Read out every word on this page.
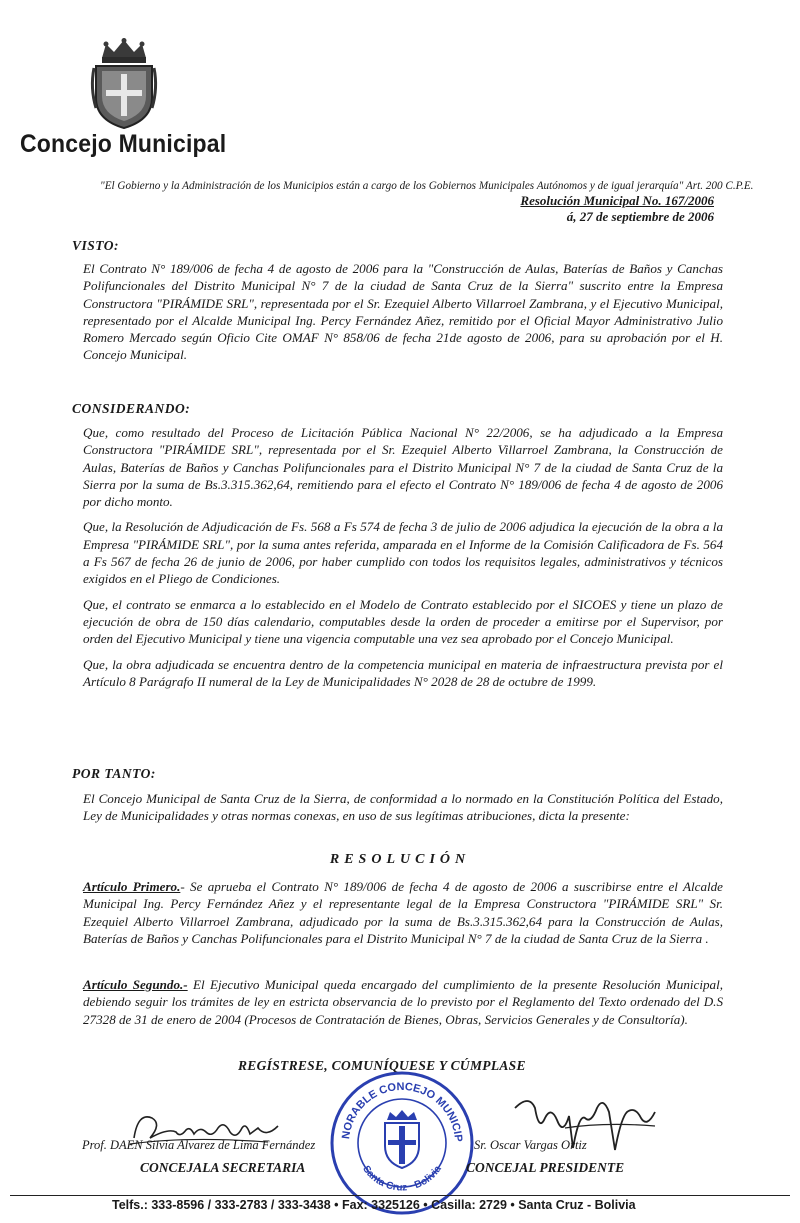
Concejo Municipal
"El Gobierno y la Administración de los Municipios están a cargo de los Gobiernos Municipales Autónomos y de igual jerarquía" Art. 200 C.P.E.
Resolución Municipal No. 167/2006
á, 27 de septiembre de 2006
VISTO:
El Contrato N° 189/006 de fecha 4 de agosto de 2006 para la "Construcción de Aulas, Baterías de Baños y Canchas Polifuncionales del Distrito Municipal N° 7 de la ciudad de Santa Cruz de la Sierra" suscrito entre la Empresa Constructora "PIRÁMIDE SRL", representada por el Sr. Ezequiel Alberto Villarroel Zambrana, y el Ejecutivo Municipal, representado por el Alcalde Municipal Ing. Percy Fernández Añez, remitido por el Oficial Mayor Administrativo Julio Romero Mercado según Oficio Cite OMAF N° 858/06 de fecha 21de agosto de 2006, para su aprobación por el H. Concejo Municipal.
CONSIDERANDO:

Que, como resultado del Proceso de Licitación Pública Nacional N° 22/2006, se ha adjudicado a la Empresa Constructora "PIRÁMIDE SRL", representada por el Sr. Ezequiel Alberto Villarroel Zambrana, la Construcción de Aulas, Baterías de Baños y Canchas Polifuncionales para el Distrito Municipal N° 7 de la ciudad de Santa Cruz de la Sierra por la suma de Bs.3.315.362,64, remitiendo para el efecto el Contrato N° 189/006 de fecha 4 de agosto de 2006 por dicho monto.

Que, la Resolución de Adjudicación de Fs. 568 a Fs 574 de fecha 3 de julio de 2006 adjudica la ejecución de la obra a la Empresa "PIRÁMIDE SRL", por la suma antes referida, amparada en el Informe de la Comisión Calificadora de Fs. 564 a Fs 567 de fecha 26 de junio de 2006, por haber cumplido con todos los requisitos legales, administrativos y técnicos exigidos en el Pliego de Condiciones.

Que, el contrato se enmarca a lo establecido en el Modelo de Contrato establecido por el SICOES y tiene un plazo de ejecución de obra de 150 días calendario, computables desde la orden de proceder a emitirse por el Supervisor, por orden del Ejecutivo Municipal y tiene una vigencia computable una vez sea aprobado por el Concejo Municipal.

Que, la obra adjudicada se encuentra dentro de la competencia municipal en materia de infraestructura prevista por el Artículo 8 Parágrafo II numeral de la Ley de Municipalidades N° 2028 de 28 de octubre de 1999.

POR TANTO:
El Concejo Municipal de Santa Cruz de la Sierra, de conformidad a lo normado en la Constitución Política del Estado, Ley de Municipalidades y otras normas conexas, en uso de sus legítimas atribuciones, dicta la presente:
RESOLUCIÓN
Artículo Primero.- Se aprueba el Contrato N° 189/006 de fecha 4 de agosto de 2006 a suscribirse entre el Alcalde Municipal Ing. Percy Fernández Añez y el representante legal de la Empresa Constructora "PIRÁMIDE SRL" Sr. Ezequiel Alberto Villarroel Zambrana, adjudicado por la suma de Bs.3.315.362,64 para la Construcción de Aulas, Baterías de Baños y Canchas Polifuncionales para el Distrito Municipal N° 7 de la ciudad de Santa Cruz de la Sierra .
Artículo Segundo.- El Ejecutivo Municipal queda encargado del cumplimiento de la presente Resolución Municipal, debiendo seguir los trámites de ley en estricta observancia de lo previsto por el Reglamento del Texto ordenado del D.S 27328 de 31 de enero de 2004 (Procesos de Contratación de Bienes, Obras, Servicios Generales y de Consultoría).
REGÍSTRESE, COMUNÍQUESE Y CÚMPLASE
NORABLE CONCEJO MUNICIP
Santa Cruz · Bolivia
Prof. DAEN Silvia Alvarez de Lima Fernández
CONCEJALA SECRETARIA
Sr. Oscar Vargas Ortiz
CONCEJAL PRESIDENTE
Telfs.: 333-8596 / 333-2783 / 333-3438 • Fax: 3325126 • Casilla: 2729 • Santa Cruz - Bolivia
